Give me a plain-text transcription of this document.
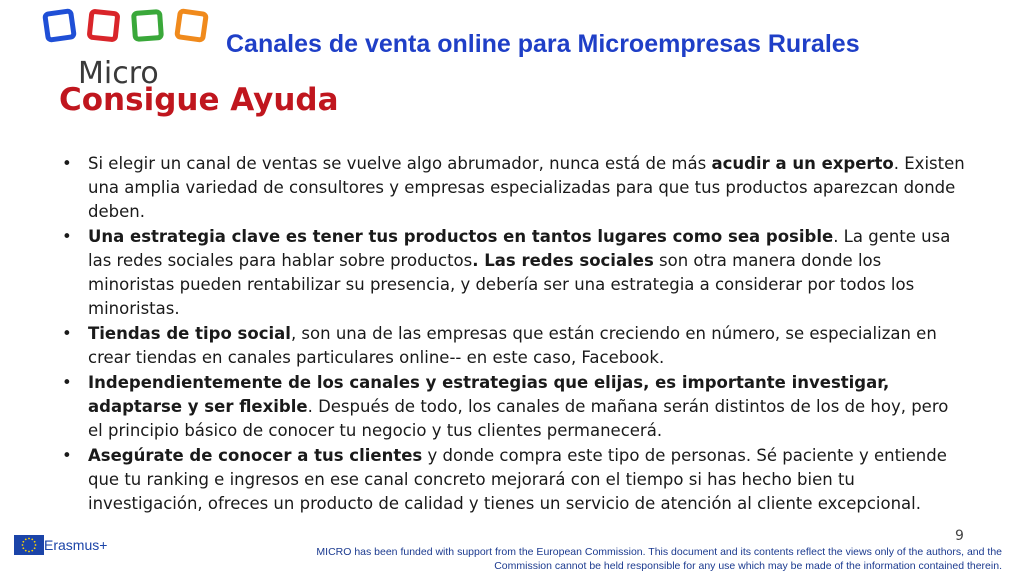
Micro
Canales de venta online para Microempresas Rurales
Consigue Ayuda
• Si elegir un canal de ventas se vuelve algo abrumador, nunca está de más acudir a un experto. Existen una amplia variedad de consultores y empresas especializadas para que tus productos aparezcan donde deben.
• Una estrategia clave es tener tus productos en tantos lugares como sea posible. La gente usa las redes sociales para hablar sobre productos. Las redes sociales son otra manera donde los minoristas pueden rentabilizar su presencia, y debería ser una estrategia a considerar por todos los minoristas.
• Tiendas de tipo social, son una de las empresas que están creciendo en número, se especializan en crear tiendas en canales particulares online-- en este caso, Facebook.
• Independientemente de los canales y estrategias que elijas, es importante investigar, adaptarse y ser flexible. Después de todo, los canales de mañana serán distintos de los de hoy, pero el principio básico de conocer tu negocio y tus clientes permanecerá.
• Asegúrate de conocer a tus clientes y donde compra este tipo de personas. Sé paciente y entiende que tu ranking e ingresos en ese canal concreto mejorará con el tiempo si has hecho bien tu investigación, ofreces un producto de calidad y tienes un servicio de atención al cliente excepcional.
9
Erasmus+	MICRO has been funded with support from the European Commission. This document and its contents reflect the views only of the authors, and the Commission cannot be held responsible for any use which may be made of the information contained therein.
